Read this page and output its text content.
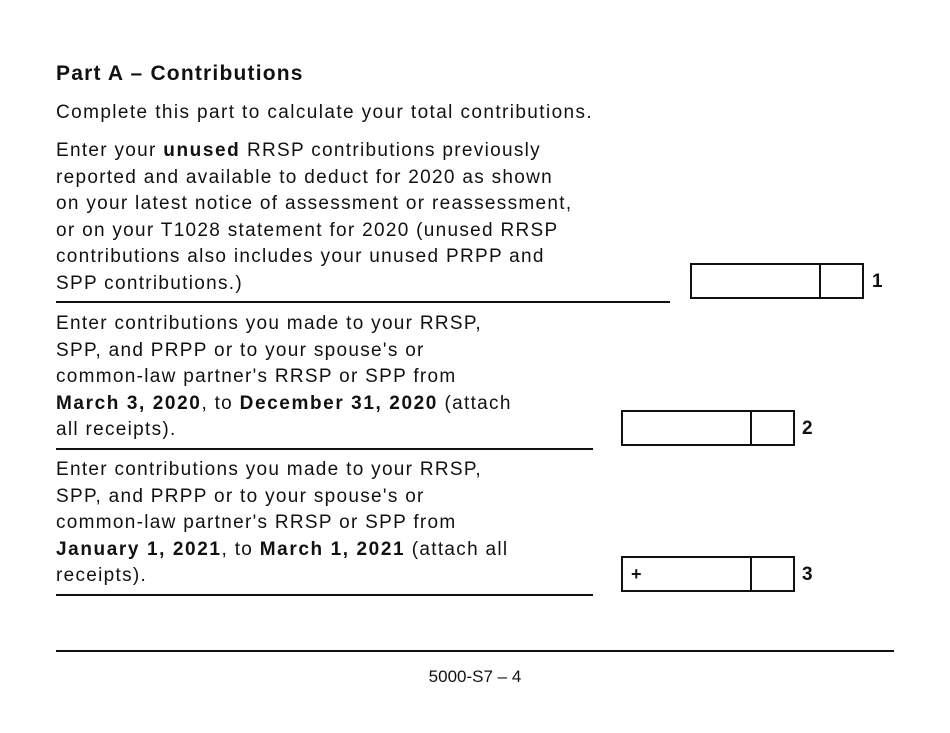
Part A – Contributions
Complete this part to calculate your total contributions.
Enter your unused RRSP contributions previously
reported and available to deduct for 2020 as shown
on your latest notice of assessment or reassessment,
or on your T1028 statement for 2020 (unused RRSP
contributions also includes your unused PRPP and
SPP contributions.)	1
Enter contributions you made to your RRSP,
SPP, and PRPP or to your spouse's or
common-law partner's RRSP or SPP from
March 3, 2020, to December 31, 2020 (attach
all receipts).	2
Enter contributions you made to your RRSP,
SPP, and PRPP or to your spouse's or
common-law partner's RRSP or SPP from
January 1, 2021, to March 1, 2021 (attach all
receipts).	+	3
5000-S7 – 4
